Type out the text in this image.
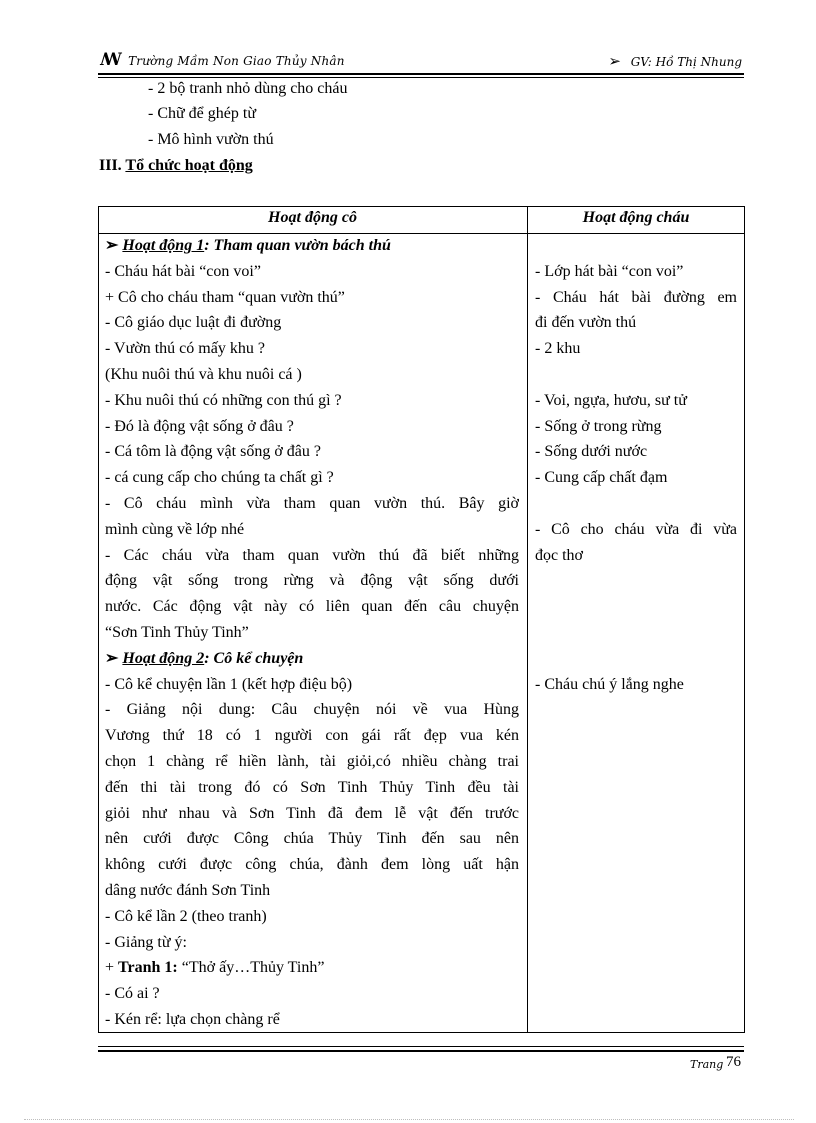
ꟿ Trường Mầm Non Giao Thủy Nhân	➢ GV: Hồ Thị Nhung
- 2 bộ tranh nhỏ dùng cho cháu
- Chữ để ghép từ
- Mô hình vườn thú
III. Tổ chức hoạt động
Hoạt động cô	Hoạt động cháu
➢ Hoạt động 1: Tham quan vườn bách thú
- Cháu hát bài “con voi”
+ Cô cho cháu tham “quan vườn thú”
- Cô giáo dục luật đi đường
- Vườn thú có mấy khu ?
(Khu nuôi thú và khu nuôi cá )
- Khu nuôi thú có những con thú gì ?
- Đó là động vật sống ở đâu ?
- Cá tôm là động vật sống ở đâu ?
- cá cung cấp cho chúng ta chất gì ?
- Cô cháu mình vừa tham quan vườn thú. Bây giờ
mình cùng về lớp nhé
- Các cháu vừa tham quan vườn thú đã biết những
động vật sống trong rừng và động vật sống dưới
nước. Các động vật này có liên quan đến câu chuyện
“Sơn Tinh Thủy Tinh”
➢ Hoạt động 2: Cô kể chuyện
- Cô kể chuyện lần 1 (kết hợp điệu bộ)
- Giảng nội dung: Câu chuyện nói về vua Hùng
Vương thứ 18 có 1 người con gái rất đẹp vua kén
chọn 1 chàng rể hiền lành, tài giỏi,có nhiều chàng trai
đến thi tài trong đó có Sơn Tinh Thủy Tinh đều tài
giỏi như nhau và Sơn Tinh đã đem lễ vật đến trước
nên cưới được Công chúa Thủy Tinh đến sau nên
không cưới được công chúa, đành đem lòng uất hận
dâng nước đánh Sơn Tinh
- Cô kể lần 2 (theo tranh)
- Giảng từ ý:
+ Tranh 1: “Thở ấy…Thủy Tinh”
- Có ai ?
- Kén rể: lựa chọn chàng rể
- Lớp hát bài “con voi”
- Cháu hát bài đường em
đi đến vườn thú
- 2 khu
- Voi, ngựa, hươu, sư tử
- Sống ở trong rừng
- Sống dưới nước
- Cung cấp chất đạm
- Cô cho cháu vừa đi vừa
đọc thơ
- Cháu chú ý lắng nghe
Trang 76
